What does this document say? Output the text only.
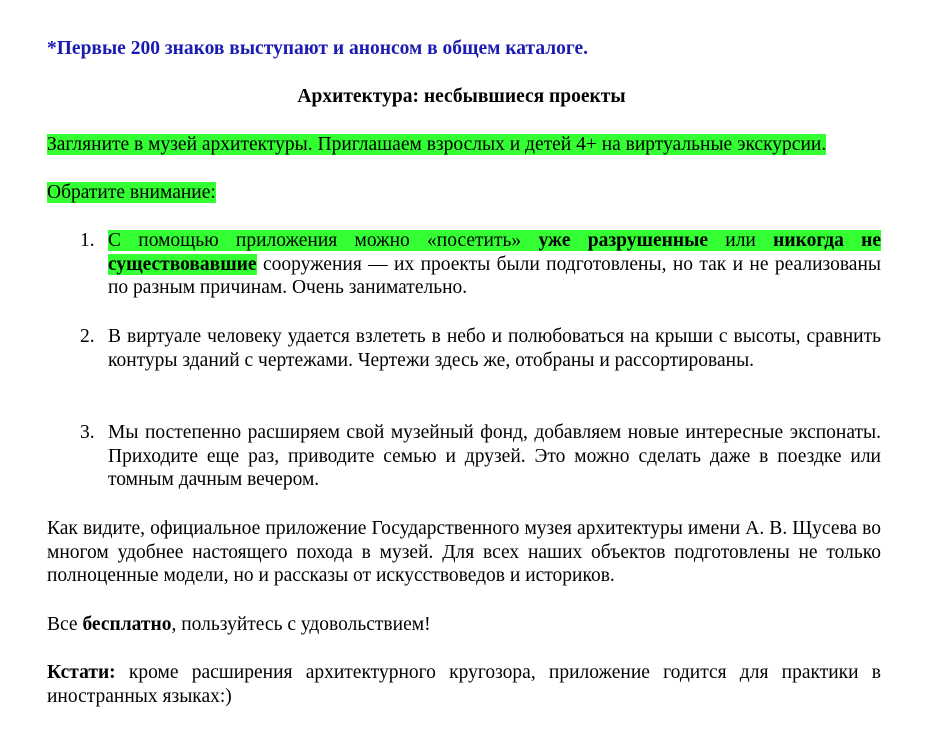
*Первые 200 знаков выступают и анонсом в общем каталоге.
Архитектура: несбывшиеся проекты
Загляните в музей архитектуры. Приглашаем взрослых и детей 4+ на виртуальные экскурсии.
Обратите внимание:
1. С помощью приложения можно «посетить» уже разрушенные или никогда не существовавшие сооружения — их проекты были подготовлены, но так и не реализованы по разным причинам. Очень занимательно.
2. В виртуале человеку удается взлететь в небо и полюбоваться на крыши с высоты, сравнить контуры зданий с чертежами. Чертежи здесь же, отобраны и рассортированы.
3. Мы постепенно расширяем свой музейный фонд, добавляем новые интересные экспонаты. Приходите еще раз, приводите семью и друзей. Это можно сделать даже в поездке или томным дачным вечером.
Как видите, официальное приложение Государственного музея архитектуры имени А. В. Щусева во многом удобнее настоящего похода в музей. Для всех наших объектов подготовлены не только полноценные модели, но и рассказы от искусствоведов и историков.
Все бесплатно, пользуйтесь с удовольствием!
Кстати: кроме расширения архитектурного кругозора, приложение годится для практики в иностранных языках:)
